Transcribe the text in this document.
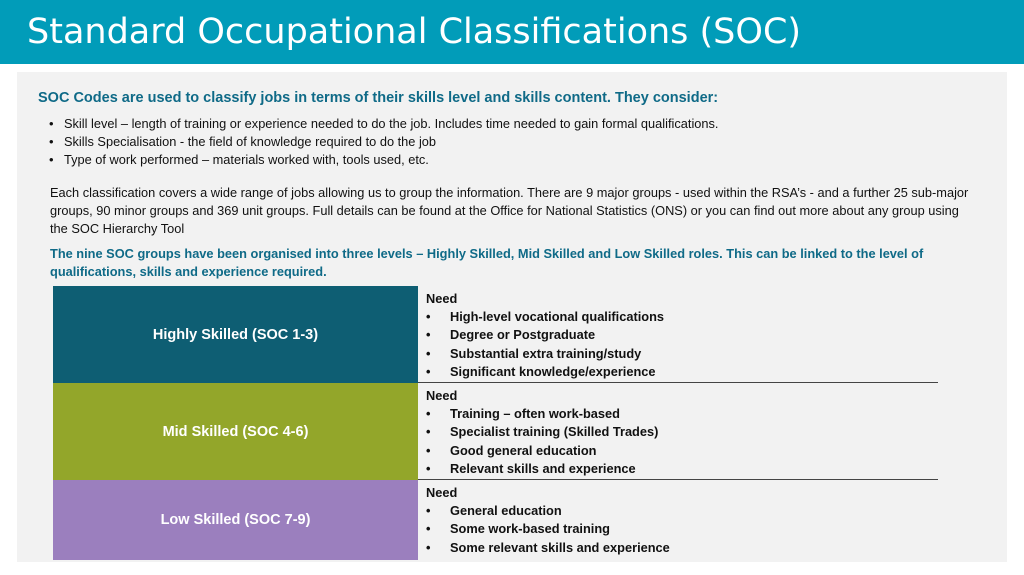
Standard Occupational Classifications (SOC)
SOC Codes are used to classify jobs in terms of their skills level and skills content. They consider:
• Skill level – length of training or experience needed to do the job. Includes time needed to gain formal qualifications.
• Skills Specialisation - the field of knowledge required to do the job
• Type of work performed – materials worked with, tools used, etc.
Each classification covers a wide range of jobs allowing us to group the information. There are 9 major groups - used within the RSA’s - and a further 25 sub-major groups, 90 minor groups and 369 unit groups. Full details can be found at the Office for National Statistics (ONS) or you can find out more about any group using the SOC Hierarchy Tool
The nine SOC groups have been organised into three levels – Highly Skilled, Mid Skilled and Low Skilled roles. This can be linked to the level of qualifications, skills and experience required.
Highly Skilled (SOC 1-3)
Need
• High-level vocational qualifications
• Degree or Postgraduate
• Substantial extra training/study
• Significant knowledge/experience
Mid Skilled (SOC 4-6)
Need
• Training – often work-based
• Specialist training (Skilled Trades)
• Good general education
• Relevant skills and experience
Low Skilled (SOC 7-9)
Need
• General education
• Some work-based training
• Some relevant skills and experience
